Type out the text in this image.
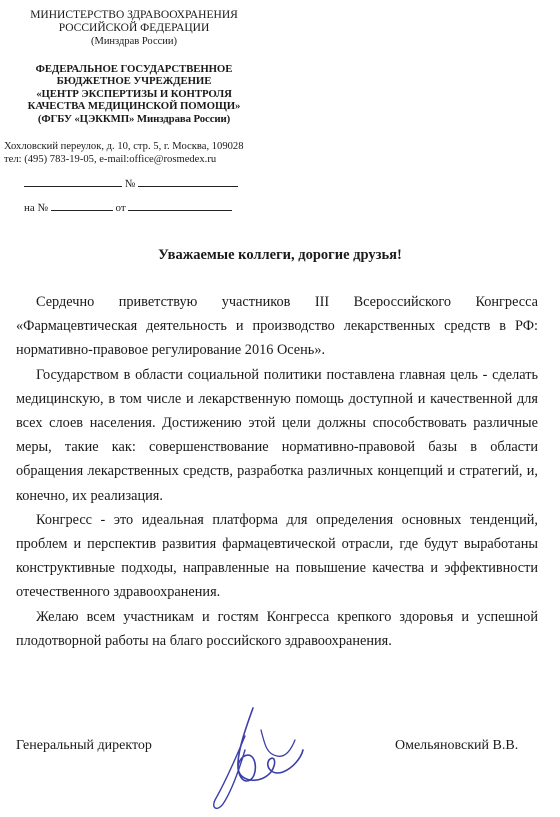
МИНИСТЕРСТВО ЗДРАВООХРАНЕНИЯ
РОССИЙСКОЙ ФЕДЕРАЦИИ
(Минздрав России)
ФЕДЕРАЛЬНОЕ ГОСУДАРСТВЕННОЕ
БЮДЖЕТНОЕ УЧРЕЖДЕНИЕ
«ЦЕНТР ЭКСПЕРТИЗЫ И КОНТРОЛЯ
КАЧЕСТВА МЕДИЦИНСКОЙ ПОМОЩИ»
(ФГБУ «ЦЭККМП» Минздрава России)
Хохловский переулок, д. 10, стр. 5, г. Москва, 109028
тел: (495) 783-19-05, e-mail:office@rosmedex.ru
№
на №	от
Уважаемые коллеги, дорогие друзья!

Сердечно приветствую участников III Всероссийского Конгресса «Фармацевтическая деятельность и производство лекарственных средств в РФ: нормативно-правовое регулирование 2016 Осень».

Государством в области социальной политики поставлена главная цель - сделать медицинскую, в том числе и лекарственную помощь доступной и качественной для всех слоев населения. Достижению этой цели должны способствовать различные меры, такие как: совершенствование нормативно-правовой базы в области обращения лекарственных средств, разработка различных концепций и стратегий, и, конечно, их реализация.

Конгресс - это идеальная платформа для определения основных тенденций, проблем и перспектив развития фармацевтической отрасли, где будут выработаны конструктивные подходы, направленные на повышение качества и эффективности отечественного здравоохранения.

Желаю всем участникам и гостям Конгресса крепкого здоровья и успешной плодотворной работы на благо российского здравоохранения.

Генеральный директор	Омельяновский В.В.
